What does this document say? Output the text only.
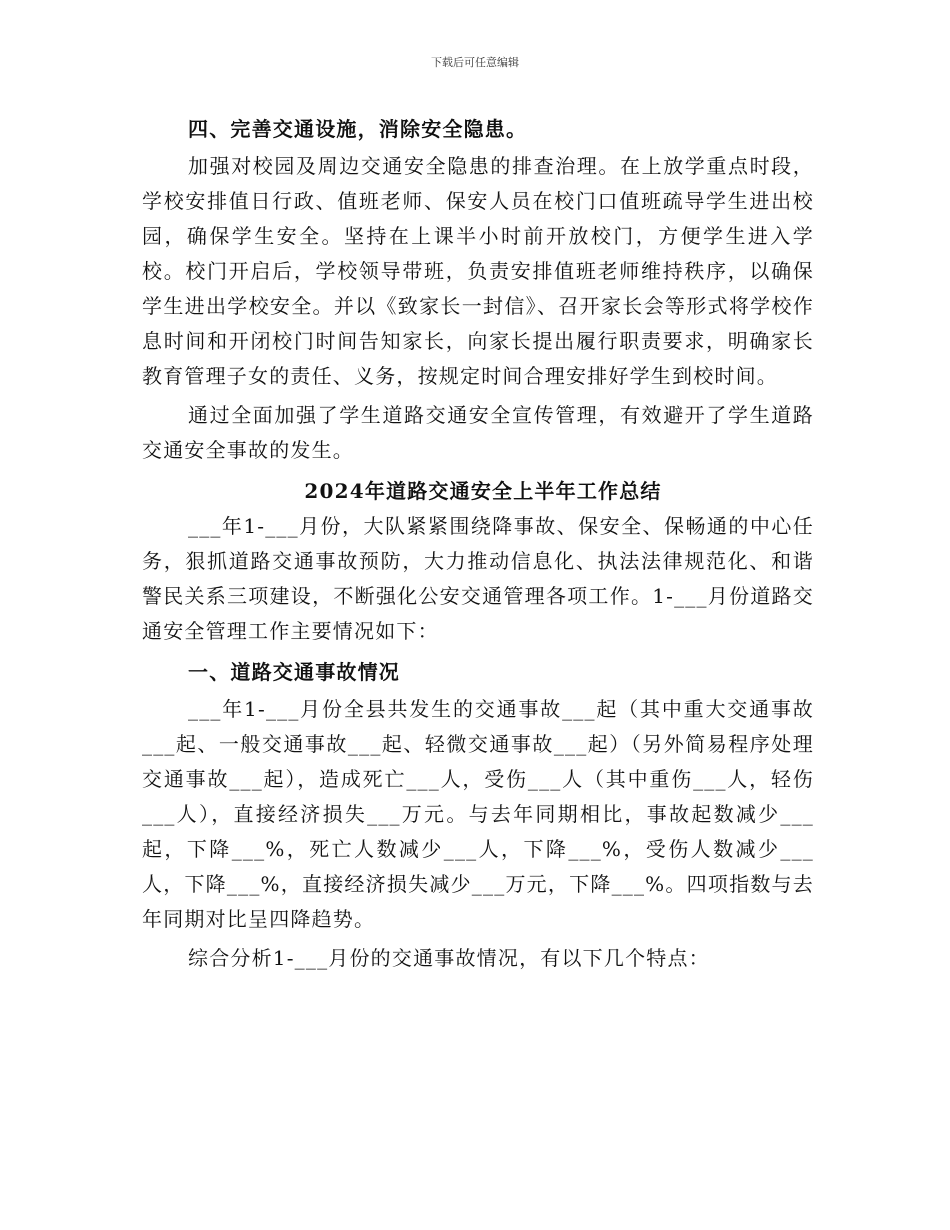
下载后可任意编辑

四、完善交通设施，消除安全隐患。

加强对校园及周边交通安全隐患的排查治理。在上放学重点时段，学校安排值日行政、值班老师、保安人员在校门口值班疏导学生进出校园，确保学生安全。坚持在上课半小时前开放校门，方便学生进入学校。校门开启后，学校领导带班，负责安排值班老师维持秩序，以确保学生进出学校安全。并以《致家长一封信》、召开家长会等形式将学校作息时间和开闭校门时间告知家长，向家长提出履行职责要求，明确家长教育管理子女的责任、义务，按规定时间合理安排好学生到校时间。

通过全面加强了学生道路交通安全宣传管理，有效避开了学生道路交通安全事故的发生。

2024年道路交通安全上半年工作总结

___年1-___月份，大队紧紧围绕降事故、保安全、保畅通的中心任务，狠抓道路交通事故预防，大力推动信息化、执法法律规范化、和谐警民关系三项建设，不断强化公安交通管理各项工作。1-___月份道路交通安全管理工作主要情况如下：

一、道路交通事故情况

___年1-___月份全县共发生的交通事故___起（其中重大交通事故___起、一般交通事故___起、轻微交通事故___起）（另外简易程序处理交通事故___起），造成死亡___人，受伤___人（其中重伤___人，轻伤___人），直接经济损失___万元。与去年同期相比，事故起数减少___起，下降___%，死亡人数减少___人，下降___%，受伤人数减少___人，下降___%，直接经济损失减少___万元，下降___%。四项指数与去年同期对比呈四降趋势。

综合分析1-___月份的交通事故情况，有以下几个特点：
